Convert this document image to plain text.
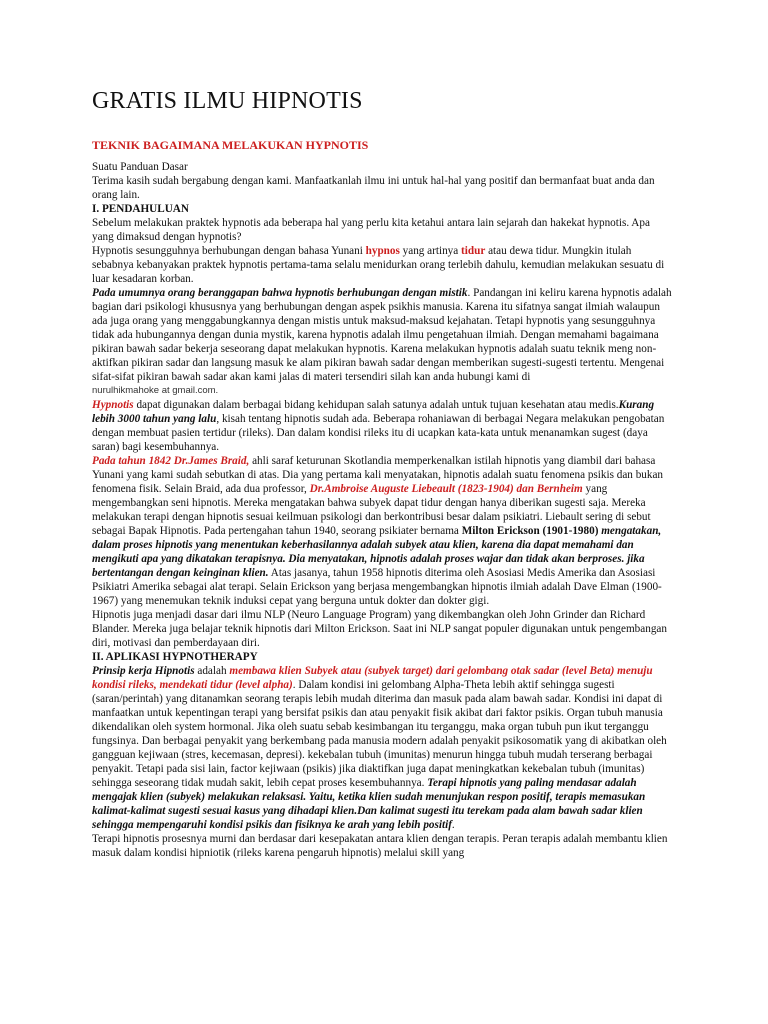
GRATIS ILMU HIPNOTIS

TEKNIK BAGAIMANA MELAKUKAN HYPNOTIS

Suatu Panduan Dasar

Terima kasih sudah bergabung dengan kami. Manfaatkanlah ilmu ini untuk hal-hal yang positif dan bermanfaat buat anda dan orang lain.

I. PENDAHULUAN

Sebelum melakukan praktek hypnotis ada beberapa hal yang perlu kita ketahui antara lain sejarah dan hakekat hypnotis. Apa yang dimaksud dengan hypnotis?

Hypnotis sesungguhnya berhubungan dengan bahasa Yunani hypnos yang artinya tidur atau dewa tidur. Mungkin itulah sebabnya kebanyakan praktek hypnotis pertama-tama selalu menidurkan orang terlebih dahulu, kemudian melakukan sesuatu di luar kesadaran korban.

Pada umumnya orang beranggapan bahwa hypnotis berhubungan dengan mistik. Pandangan ini keliru karena hypnotis adalah bagian dari psikologi khususnya yang berhubungan dengan aspek psikhis manusia. Karena itu sifatnya sangat ilmiah walaupun ada juga orang yang menggabungkannya dengan mistis untuk maksud-maksud kejahatan. Tetapi hypnotis yang sesungguhnya tidak ada hubungannya dengan dunia mystik, karena hypnotis adalah ilmu pengetahuan ilmiah. Dengan memahami bagaimana pikiran bawah sadar bekerja seseorang dapat melakukan hypnotis. Karena melakukan hypnotis adalah suatu teknik meng non-aktifkan pikiran sadar dan langsung masuk ke alam pikiran bawah sadar dengan memberikan sugesti-sugesti tertentu. Mengenai sifat-sifat pikiran bawah sadar akan kami jalas di materi tersendiri silah kan anda hubungi kami di

nurulhikmahoke at gmail.com.

Hypnotis dapat digunakan dalam berbagai bidang kehidupan salah satunya adalah untuk tujuan kesehatan atau medis.Kurang lebih 3000 tahun yang lalu, kisah tentang hipnotis sudah ada. Beberapa rohaniawan di berbagai Negara melakukan pengobatan dengan membuat pasien tertidur (rileks). Dan dalam kondisi rileks itu di ucapkan kata-kata untuk menanamkan sugest (daya saran) bagi kesembuhannya.

Pada tahun 1842 Dr.James Braid, ahli saraf keturunan Skotlandia memperkenalkan istilah hipnotis yang diambil dari bahasa Yunani yang kami sudah sebutkan di atas. Dia yang pertama kali menyatakan, hipnotis adalah suatu fenomena psikis dan bukan fenomena fisik. Selain Braid, ada dua professor, Dr.Ambroise Auguste Liebeault (1823-1904) dan Bernheim yang mengembangkan seni hipnotis. Mereka mengatakan bahwa subyek dapat tidur dengan hanya diberikan sugesti saja. Mereka melakukan terapi dengan hipnotis sesuai keilmuan psikologi dan berkontribusi besar dalam psikiatri. Liebault sering di sebut sebagai Bapak Hipnotis. Pada pertengahan tahun 1940, seorang psikiater bernama Milton Erickson (1901-1980) mengatakan, dalam proses hipnotis yang menentukan keberhasilannya adalah subyek atau klien, karena dia dapat memahami dan mengikuti apa yang dikatakan terapisnya. Dia menyatakan, hipnotis adalah proses wajar dan tidak akan berproses. jika bertentangan dengan keinginan klien. Atas jasanya, tahun 1958 hipnotis diterima oleh Asosiasi Medis Amerika dan Asosiasi Psikiatri Amerika sebagai alat terapi. Selain Erickson yang berjasa mengembangkan hipnotis ilmiah adalah Dave Elman (1900-1967) yang menemukan teknik induksi cepat yang berguna untuk dokter dan dokter gigi.

Hipnotis juga menjadi dasar dari ilmu NLP (Neuro Language Program) yang dikembangkan oleh John Grinder dan Richard Blander. Mereka juga belajar teknik hipnotis dari Milton Erickson. Saat ini NLP sangat populer digunakan untuk pengembangan diri, motivasi dan pemberdayaan diri.

II. APLIKASI HYPNOTHERAPY

Prinsip kerja Hipnotis adalah membawa klien Subyek atau (subyek target) dari gelombang otak sadar (level Beta) menuju kondisi rileks, mendekati tidur (level alpha). Dalam kondisi ini gelombang Alpha-Theta lebih aktif sehingga sugesti (saran/perintah) yang ditanamkan seorang terapis lebih mudah diterima dan masuk pada alam bawah sadar. Kondisi ini dapat di manfaatkan untuk kepentingan terapi yang bersifat psikis dan atau penyakit fisik akibat dari faktor psikis. Organ tubuh manusia dikendalikan oleh system hormonal. Jika oleh suatu sebab kesimbangan itu terganggu, maka organ tubuh pun ikut terganggu fungsinya. Dan berbagai penyakit yang berkembang pada manusia modern adalah penyakit psikosomatik yang di akibatkan oleh gangguan kejiwaan (stres, kecemasan, depresi). kekebalan tubuh (imunitas) menurun hingga tubuh mudah terserang berbagai penyakit. Tetapi pada sisi lain, factor kejiwaan (psikis) jika diaktifkan juga dapat meningkatkan kekebalan tubuh (imunitas) sehingga seseorang tidak mudah sakit, lebih cepat proses kesembuhannya. Terapi hipnotis yang paling mendasar adalah mengajak klien (subyek) melakukan relaksasi. Yaitu, ketika klien sudah menunjukan respon positif, terapis memasukan kalimat-kalimat sugesti sesuai kasus yang dihadapi klien.Dan kalimat sugesti itu terekam pada alam bawah sadar klien sehingga mempengaruhi kondisi psikis dan fisiknya ke arah yang lebih positif.

Terapi hipnotis prosesnya murni dan berdasar dari kesepakatan antara klien dengan terapis. Peran terapis adalah membantu klien masuk dalam kondisi hipniotik (rileks karena pengaruh hipnotis) melalui skill yang
